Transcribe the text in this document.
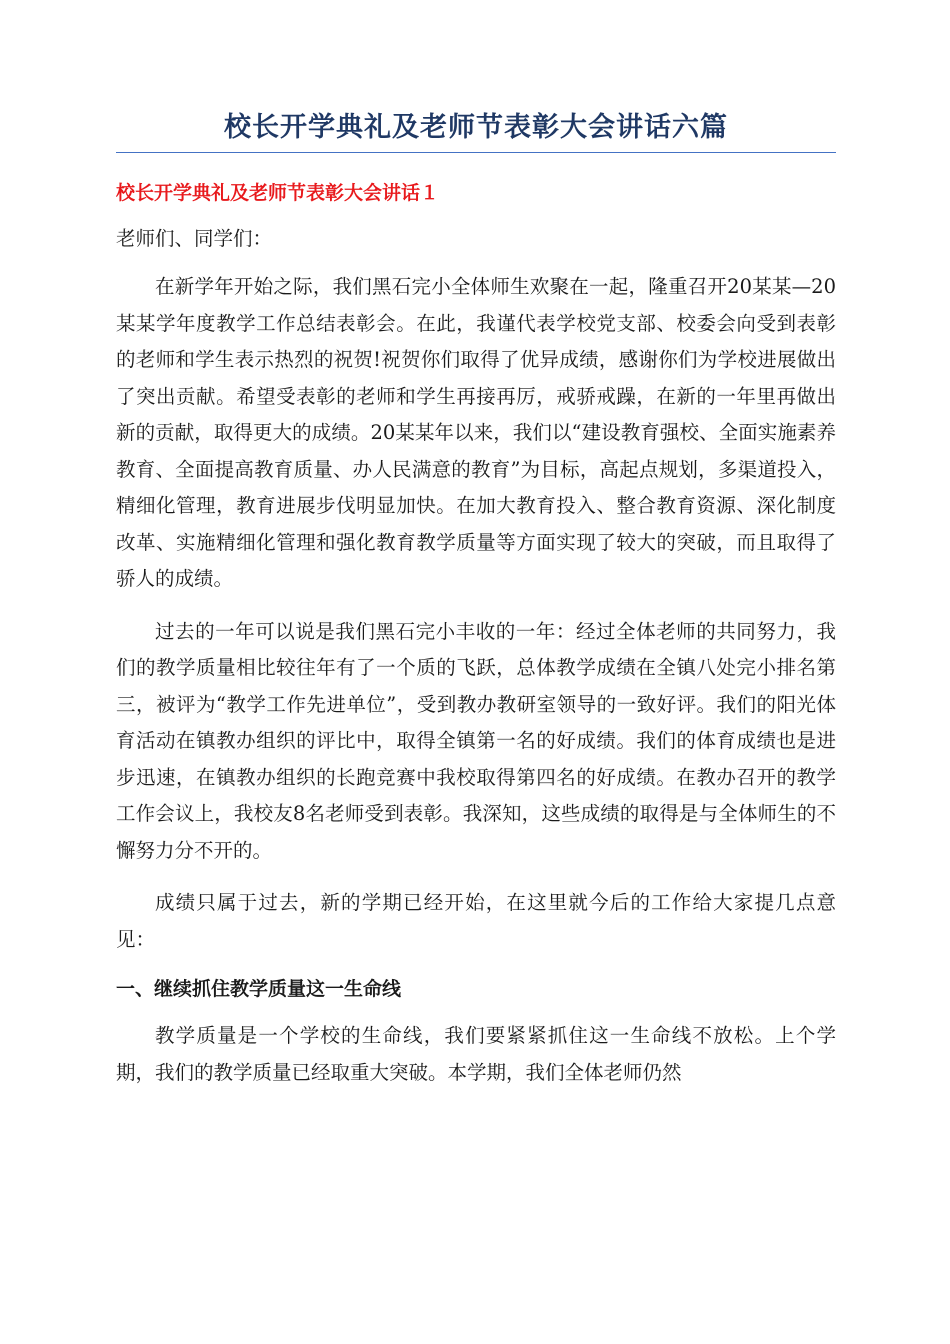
校长开学典礼及老师节表彰大会讲话六篇
校长开学典礼及老师节表彰大会讲话１

老师们、同学们：

在新学年开始之际，我们黑石完小全体师生欢聚在一起，隆重召开20某某—20某某学年度教学工作总结表彰会。在此，我谨代表学校党支部、校委会向受到表彰的老师和学生表示热烈的祝贺!祝贺你们取得了优异成绩，感谢你们为学校进展做出了突出贡献。希望受表彰的老师和学生再接再厉，戒骄戒躁，在新的一年里再做出新的贡献，取得更大的成绩。20某某年以来，我们以“建设教育强校、全面实施素养教育、全面提高教育质量、办人民满意的教育”为目标，高起点规划，多渠道投入，精细化管理，教育进展步伐明显加快。在加大教育投入、整合教育资源、深化制度改革、实施精细化管理和强化教育教学质量等方面实现了较大的突破，而且取得了骄人的成绩。

过去的一年可以说是我们黑石完小丰收的一年：经过全体老师的共同努力，我们的教学质量相比较往年有了一个质的飞跃，总体教学成绩在全镇八处完小排名第三，被评为“教学工作先进单位”，受到教办教研室领导的一致好评。我们的阳光体育活动在镇教办组织的评比中，取得全镇第一名的好成绩。我们的体育成绩也是进步迅速，在镇教办组织的长跑竞赛中我校取得第四名的好成绩。在教办召开的教学工作会议上，我校友8名老师受到表彰。我深知，这些成绩的取得是与全体师生的不懈努力分不开的。

成绩只属于过去，新的学期已经开始，在这里就今后的工作给大家提几点意见：

一、继续抓住教学质量这一生命线

教学质量是一个学校的生命线，我们要紧紧抓住这一生命线不放松。上个学期，我们的教学质量已经取重大突破。本学期，我们全体老师仍然
